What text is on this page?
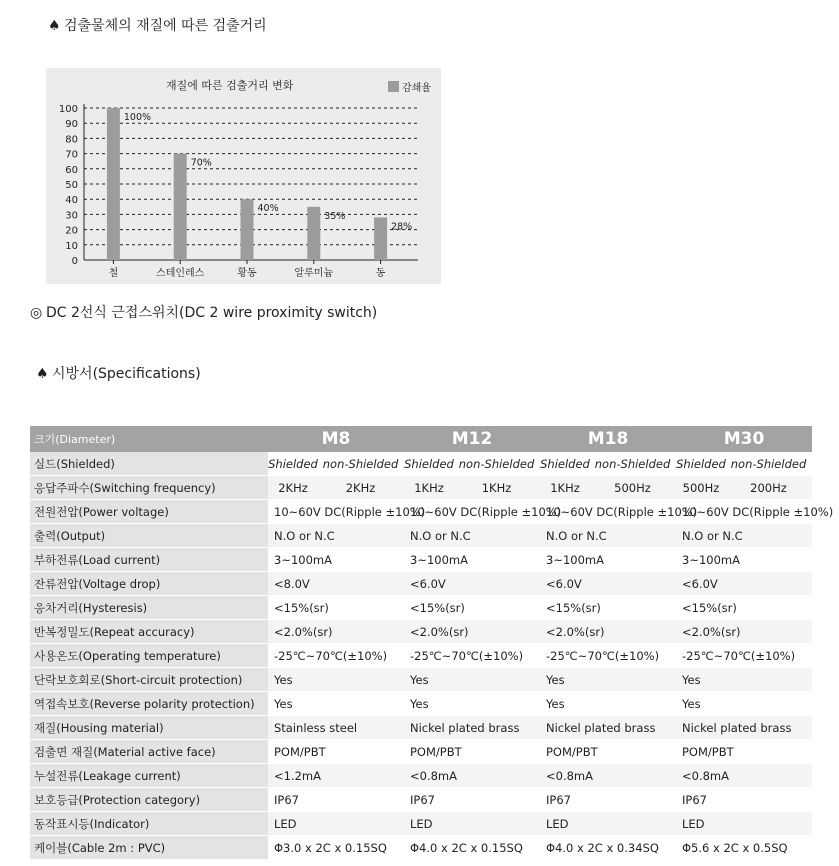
♠ 검출물체의 재질에 따른 검출거리
0
10
20
30
40
50
60
70
80
90
100
100%
철
70%
스테인레스
40%
황동
35%
알루미늄
28%
동
재질에 따른 검출거리 변화	감쇄율
◎ DC 2선식 근접스위치(DC 2 wire proximity switch)
♠ 시방서(Specifications)
크기(Diameter)	M8	M12	M18	M30
실드(Shielded)	Shielded non-Shielded	Shielded non-Shielded	Shielded non-Shielded	Shielded non-Shielded
응답주파수(Switching frequency)	2KHz 2KHz	1KHz 1KHz	1KHz 500Hz	500Hz 200Hz
전원전압(Power voltage)	10~60V DC(Ripple ±10%)	10~60V DC(Ripple ±10%)	10~60V DC(Ripple ±10%)	10~60V DC(Ripple ±10%)
출력(Output)	N.O or N.C	N.O or N.C	N.O or N.C	N.O or N.C
부하전류(Load current)	3~100mA	3~100mA	3~100mA	3~100mA
잔류전압(Voltage drop)	<8.0V	<6.0V	<6.0V	<6.0V
응차거리(Hysteresis)	<15%(sr)	<15%(sr)	<15%(sr)	<15%(sr)
반복정밀도(Repeat accuracy)	<2.0%(sr)	<2.0%(sr)	<2.0%(sr)	<2.0%(sr)
사용온도(Operating temperature)	-25℃~70℃(±10%)	-25℃~70℃(±10%)	-25℃~70℃(±10%)	-25℃~70℃(±10%)
단락보호회로(Short-circuit protection)	Yes	Yes	Yes	Yes
역접속보호(Reverse polarity protection)	Yes	Yes	Yes	Yes
재질(Housing material)	Stainless steel	Nickel plated brass	Nickel plated brass	Nickel plated brass
검출면 재질(Material active face)	POM/PBT	POM/PBT	POM/PBT	POM/PBT
누설전류(Leakage current)	<1.2mA	<0.8mA	<0.8mA	<0.8mA
보호등급(Protection category)	IP67	IP67	IP67	IP67
동작표시등(Indicator)	LED	LED	LED	LED
케이블(Cable 2m : PVC)	Φ3.0 x 2C x 0.15SQ	Φ4.0 x 2C x 0.15SQ	Φ4.0 x 2C x 0.34SQ	Φ5.6 x 2C x 0.5SQ
